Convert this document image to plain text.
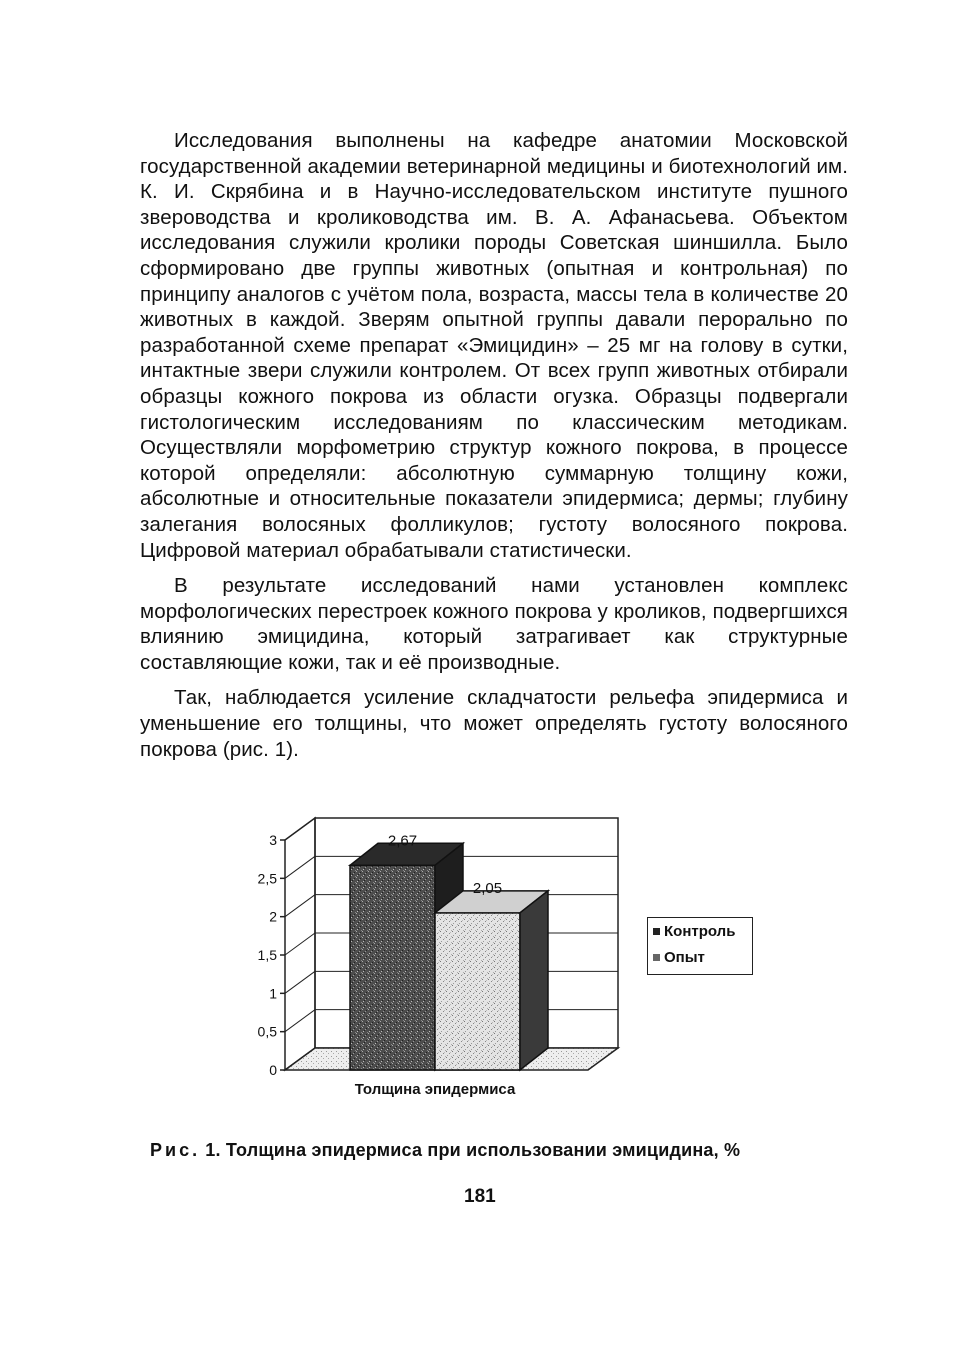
Исследования выполнены на кафедре анатомии Московской государственной академии ветеринарной медицины и биотехнологий им. К. И. Скрябина и в Научно-исследовательском институте пушного звероводства и кролиководства им. В. А. Афанасьева. Объектом исследования служили кролики породы Советская шиншилла. Было сформировано две группы животных (опытная и контрольная) по принципу аналогов с учётом пола, возраста, массы тела в количестве 20 животных в каждой. Зверям опытной группы давали перорально по разработанной схеме препарат «Эмицидин» – 25 мг на голову в сутки, интактные звери служили контролем. От всех групп животных отбирали образцы кожного покрова из области огузка. Образцы подвергали гистологическим исследованиям по классическим методикам. Осуществляли морфометрию структур кожного покрова, в процессе которой определяли: абсолютную суммарную толщину кожи, абсолютные и относительные показатели эпидермиса; дермы; глубину залегания волосяных фолликулов; густоту волосяного покрова. Цифровой материал обрабатывали статистически.

В результате исследований нами установлен комплекс морфологических перестроек кожного покрова у кроликов, подвергшихся влиянию эмицидина, который затрагивает как структурные составляющие кожи, так и её производные.

Так, наблюдается усиление складчатости рельефа эпидермиса и уменьшение его толщины, что может определять густоту волосяного покрова (рис. 1).

0
0,5
1
1,5
2
2,5
3	2,67
2,05
Контроль
Опыт
Толщина эпидермиса
Рис. 1. Толщина эпидермиса при использовании эмицидина, %
181
